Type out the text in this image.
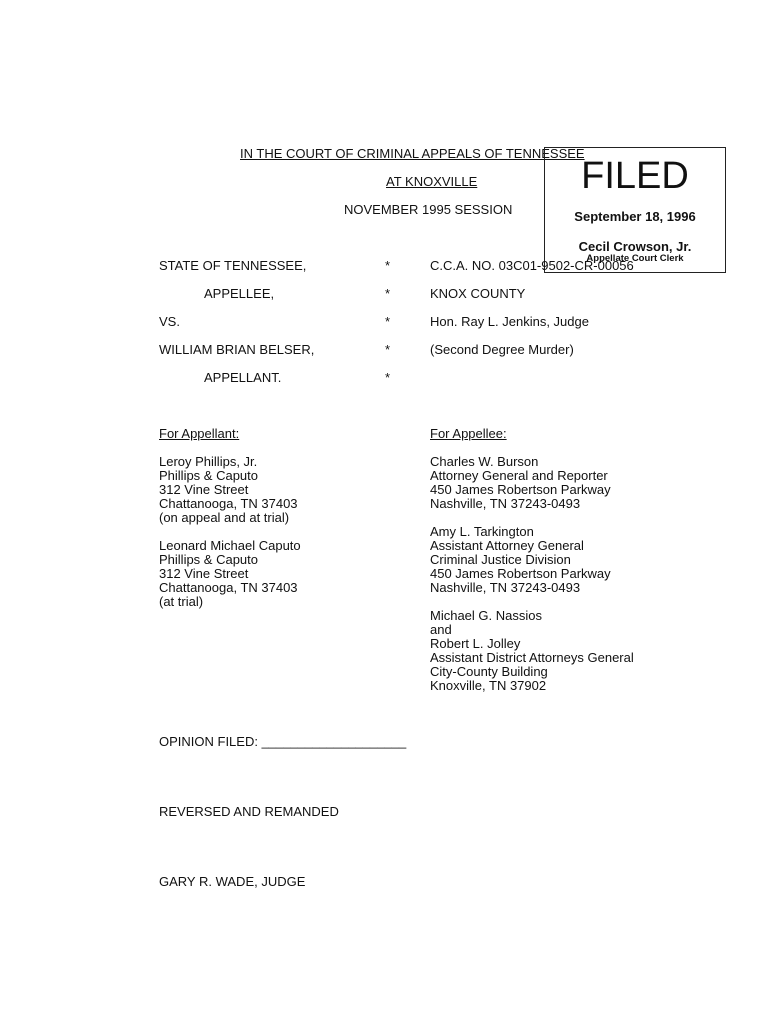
IN THE COURT OF CRIMINAL APPEALS OF TENNESSEE
AT KNOXVILLE
NOVEMBER 1995 SESSION
FILED
September 18, 1996
Cecil Crowson, Jr.
Appellate Court Clerk
STATE OF TENNESSEE,
APPELLEE,
VS.
WILLIAM BRIAN BELSER,
APPELLANT.
*
*
*
*
*
C.C.A. NO. 03C01-9502-CR-00056
KNOX COUNTY
Hon. Ray L. Jenkins, Judge
(Second Degree Murder)
For Appellant:	For Appellee:
Leroy Phillips, Jr.
Phillips & Caputo
312 Vine Street
Chattanooga, TN 37403
(on appeal and at trial)
Leonard Michael Caputo
Phillips & Caputo
312 Vine Street
Chattanooga, TN 37403
(at trial)
Charles W. Burson
Attorney General and Reporter
450 James Robertson Parkway
Nashville, TN 37243-0493
Amy L. Tarkington
Assistant Attorney General
Criminal Justice Division
450 James Robertson Parkway
Nashville, TN 37243-0493
Michael G. Nassios
and
Robert L. Jolley
Assistant District Attorneys General
City-County Building
Knoxville, TN 37902
OPINION FILED: ____________________
REVERSED AND REMANDED
GARY R. WADE, JUDGE
